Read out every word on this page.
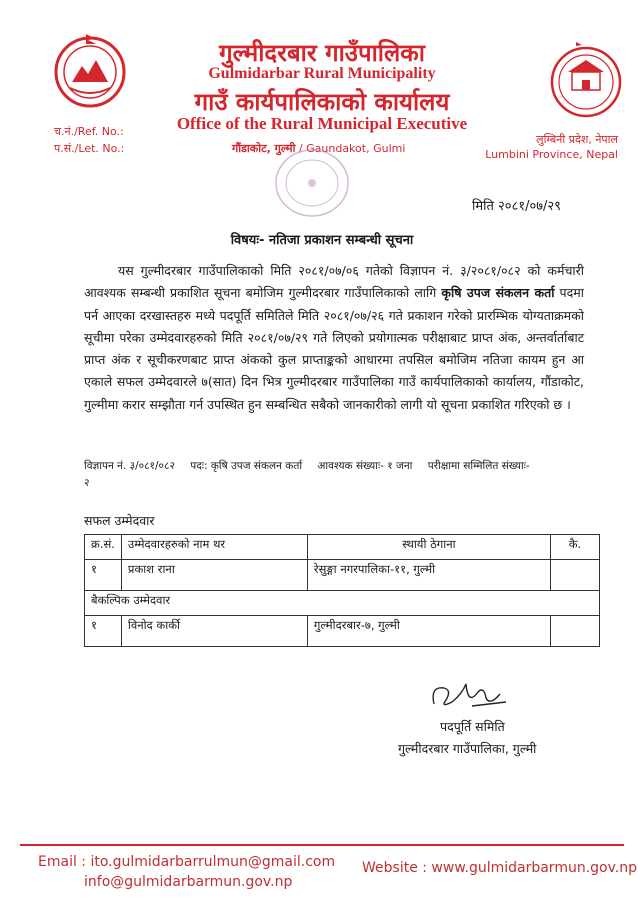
गुल्मीदरबार गाउँपालिका
Gulmidarbar Rural Municipality
गाउँ कार्यपालिकाको कार्यालय
Office of the Rural Municipal Executive
गौंडाकोट, गुल्मी / Gaundakot, Gulmi
च.नं./Ref. No.:
प.सं./Let. No.:
लुम्बिनी प्रदेश, नेपाल
Lumbini Province, Nepal
मिति २०८१/०७/२९
विषयः- नतिजा प्रकाशन सम्बन्धी सूचना
यस गुल्मीदरबार गाउँपालिकाको मिति २०८१/०७/०६ गतेको विज्ञापन नं. ३/२०८१/०८२ को कर्मचारी आवश्यक सम्बन्धी प्रकाशित सूचना बमोजिम गुल्मीदरबार गाउँपालिकाको लागि कृषि उपज संकलन कर्ता पदमा पर्न आएका दरखास्तहरु मध्ये पदपूर्ति समितिले मिति २०८१/०७/२६ गते प्रकाशन गरेको प्रारम्भिक योग्यताक्रमको सूचीमा परेका उम्मेदवारहरुको मिति २०८१/०७/२९ गते लिएको प्रयोगात्मक परीक्षाबाट प्राप्त अंक, अन्तर्वार्ताबाट प्राप्त अंक र सूचीकरणबाट प्राप्त अंकको कुल प्राप्ताङ्कको आधारमा तपसिल बमोजिम नतिजा कायम हुन आ एकाले सफल उम्मेदवारले ७(सात) दिन भित्र गुल्मीदरबार गाउँपालिका गाउँ कार्यपालिकाको कार्यालय, गौंडाकोट, गुल्मीमा करार सम्झौता गर्न उपस्थित हुन सम्बन्धित सबैको जानकारीको लागी यो सूचना प्रकाशित गरिएको छ ।
विज्ञापन नं. ३/०८१/०८२ पदः: कृषि उपज संकलन कर्ता आवश्यक संख्याः- १ जना परीक्षामा सम्मिलित संख्याः-
२
सफल उम्मेदवार
क्र.सं.	उम्मेदवारहरुको नाम थर	स्थायी ठेगाना	कै.
१	प्रकाश राना	रेसुङ्गा नगरपालिका-११, गुल्मी	
बैकल्पिक उम्मेदवार			
१	विनोद कार्की	गुल्मीदरबार-७, गुल्मी	
पदपूर्ति समिति
गुल्मीदरबार गाउँपालिका, गुल्मी
Email : ito.gulmidarbarrulmun@gmail.com
info@gulmidarbarmun.gov.np
Website : www.gulmidarbarmun.gov.np
